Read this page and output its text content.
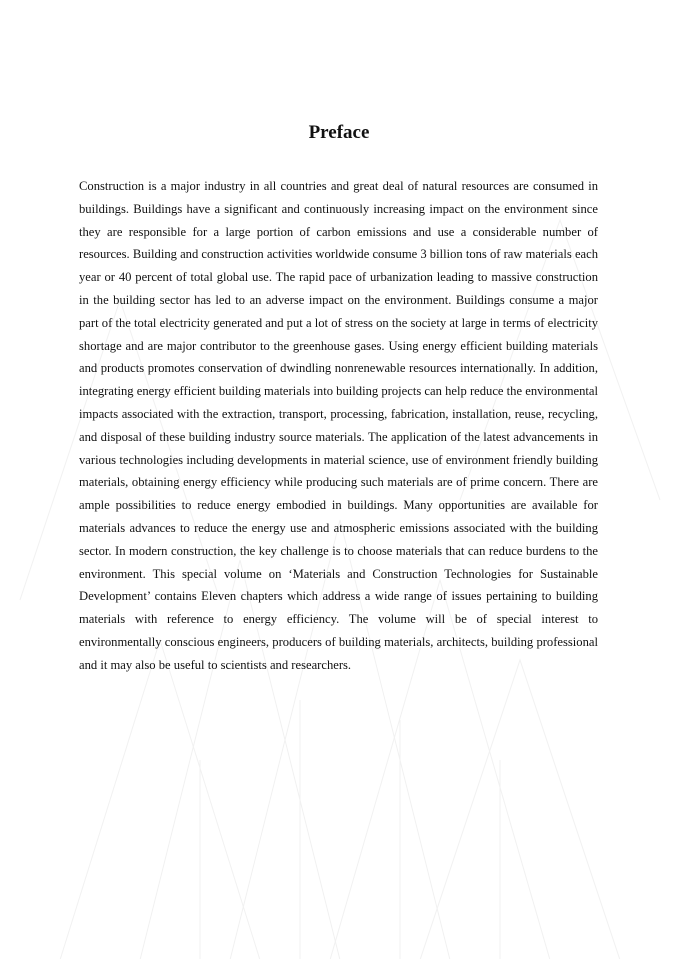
Preface

Construction is a major industry in all countries and great deal of natural resources are consumed in buildings. Buildings have a significant and continuously increasing impact on the environment since they are responsible for a large portion of carbon emissions and use a considerable number of resources. Building and construction activities worldwide consume 3 billion tons of raw materials each year or 40 percent of total global use. The rapid pace of urbanization leading to massive construction in the building sector has led to an adverse impact on the environment. Buildings consume a major part of the total electricity generated and put a lot of stress on the society at large in terms of electricity shortage and are major contributor to the greenhouse gases. Using energy efficient building materials and products promotes conservation of dwindling nonrenewable resources internationally. In addition, integrating energy efficient building materials into building projects can help reduce the environmental impacts associated with the extraction, transport, processing, fabrication, installation, reuse, recycling, and disposal of these building industry source materials. The application of the latest advancements in various technologies including developments in material science, use of environment friendly building materials, obtaining energy efficiency while producing such materials are of prime concern. There are ample possibilities to reduce energy embodied in buildings. Many opportunities are available for materials advances to reduce the energy use and atmospheric emissions associated with the building sector. In modern construction, the key challenge is to choose materials that can reduce burdens to the environment. This special volume on ‘Materials and Construction Technologies for Sustainable Development’ contains Eleven chapters which address a wide range of issues pertaining to building materials with reference to energy efficiency. The volume will be of special interest to environmentally conscious engineers, producers of building materials, architects, building professional and it may also be useful to scientists and researchers.
